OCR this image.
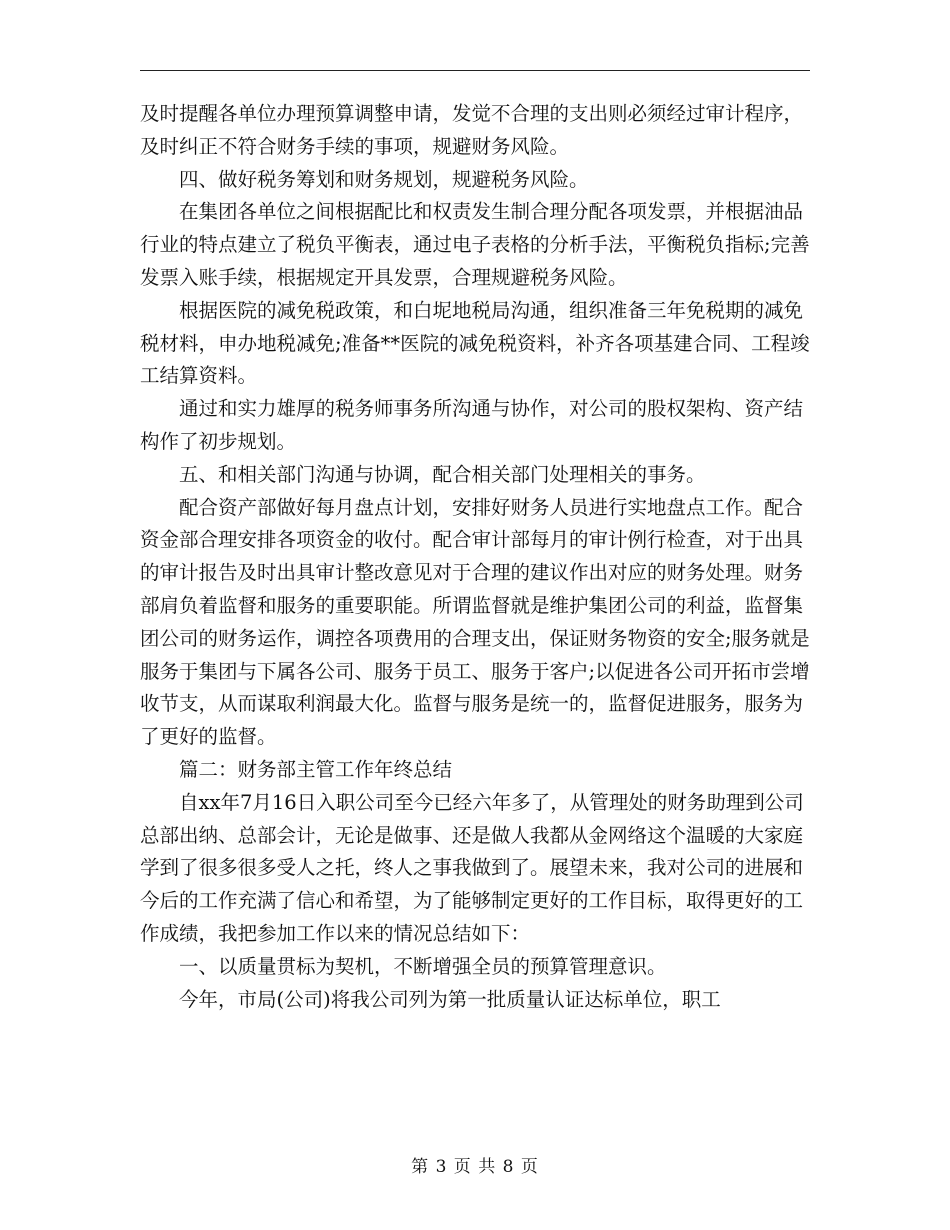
及时提醒各单位办理预算调整申请，发觉不合理的支出则必须经过审计程序，及时纠正不符合财务手续的事项，规避财务风险。

四、做好税务筹划和财务规划，规避税务风险。

在集团各单位之间根据配比和权责发生制合理分配各项发票，并根据油品行业的特点建立了税负平衡表，通过电子表格的分析手法，平衡税负指标;完善发票入账手续，根据规定开具发票，合理规避税务风险。

根据医院的减免税政策，和白坭地税局沟通，组织准备三年免税期的减免税材料，申办地税减免;准备**医院的减免税资料，补齐各项基建合同、工程竣工结算资料。

通过和实力雄厚的税务师事务所沟通与协作，对公司的股权架构、资产结构作了初步规划。

五、和相关部门沟通与协调，配合相关部门处理相关的事务。

配合资产部做好每月盘点计划，安排好财务人员进行实地盘点工作。配合资金部合理安排各项资金的收付。配合审计部每月的审计例行检查，对于出具的审计报告及时出具审计整改意见对于合理的建议作出对应的财务处理。财务部肩负着监督和服务的重要职能。所谓监督就是维护集团公司的利益，监督集团公司的财务运作，调控各项费用的合理支出，保证财务物资的安全;服务就是服务于集团与下属各公司、服务于员工、服务于客户;以促进各公司开拓市尝增收节支，从而谋取利润最大化。监督与服务是统一的，监督促进服务，服务为了更好的监督。

篇二：财务部主管工作年终总结

自xx年7月16日入职公司至今已经六年多了，从管理处的财务助理到公司总部出纳、总部会计，无论是做事、还是做人我都从金网络这个温暖的大家庭学到了很多很多受人之托，终人之事我做到了。展望未来，我对公司的进展和今后的工作充满了信心和希望，为了能够制定更好的工作目标，取得更好的工作成绩，我把参加工作以来的情况总结如下：

一、以质量贯标为契机，不断增强全员的预算管理意识。

今年，市局(公司)将我公司列为第一批质量认证达标单位，职工

第 3 页 共 8 页
